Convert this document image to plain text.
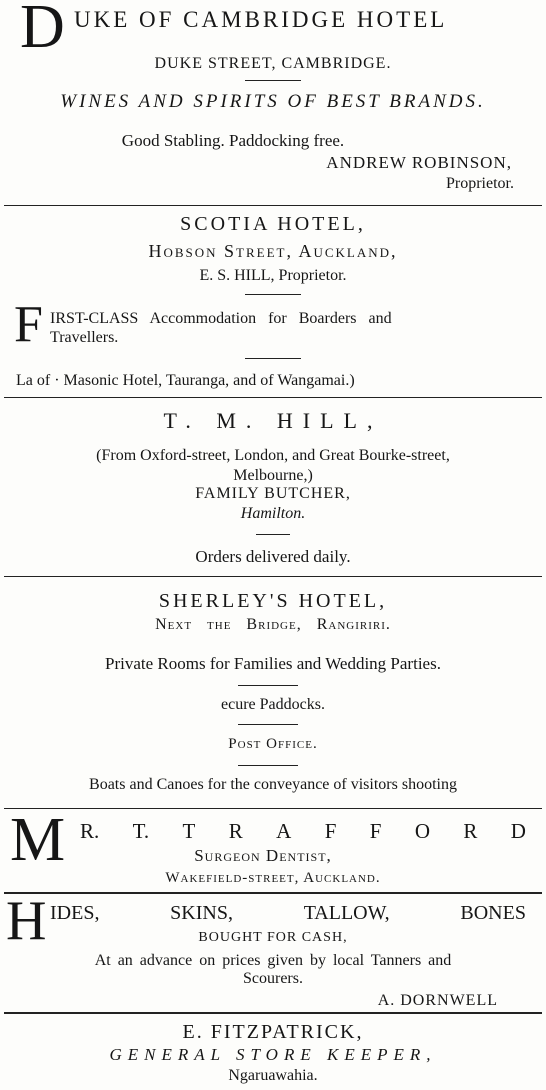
D UKE OF CAMBRIDGE HOTEL
DUKE STREET, CAMBRIDGE.
WINES AND SPIRITS OF BEST BRANDS.
Good Stabling. Paddocking free.
ANDREW ROBINSON,
Proprietor.
SCOTIA HOTEL,
Hobson Street, Auckland,
E. S. HILL, Proprietor.
F IRST-CLASS Accommodation for Boarders and
Travellers.
La of · Masonic Hotel, Tauranga, and of Wangamai.)
T. M. HILL,
(From Oxford-street, London, and Great Bourke-street,
Melbourne,)
FAMILY BUTCHER,
Hamilton.
Orders delivered daily.
SHERLEY'S HOTEL,
Next the Bridge, Rangiriri.
Private Rooms for Families and Wedding Parties.
ecure Paddocks.
Post Office.
Boats and Canoes for the conveyance of visitors shooting
M R. T. T R A F F O R D
Surgeon Dentist,
Wakefield-street, Auckland.
H IDES,	SKINS,	TALLOW,	BONES
BOUGHT FOR CASH,
At an advance on prices given by local Tanners and
Scourers.
A. DORNWELL
E. FITZPATRICK,
GENERAL STORE KEEPER,
Ngaruawahia.
